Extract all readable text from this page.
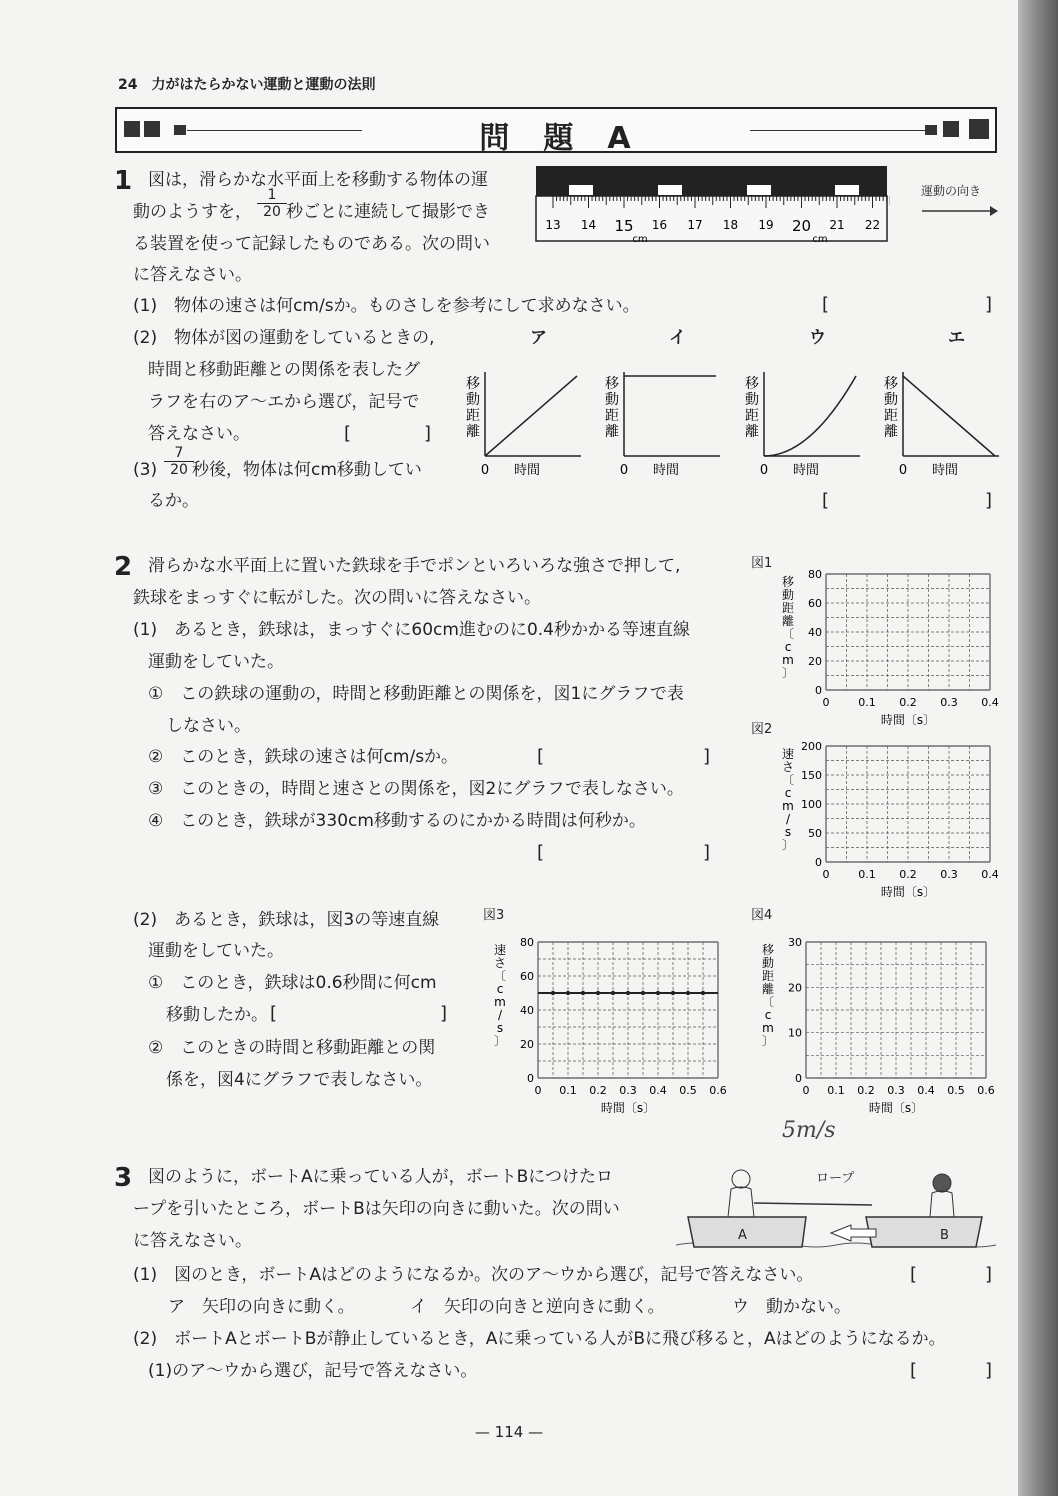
24　力がはたらかない運動と運動の法則
問　題　A
1 図は，滑らかな水平面上を移動する物体の運
動のようすを， $\frac{1}{20}$ 秒ごとに連続して撮影でき
る装置を使って記録したものである。次の問い
に答えなさい。
13 14 15 16 17 18 19 20 21 22
cm	cm
運動の向き
(1)　物体の速さは何cm/sか。ものさしを参考にして求めなさい。	[	]
(2)　物体が図の運動をしているときの,
時間と移動距離との関係を表したグ
ラフを右のア～エから選び，記号で
答えなさい。	[	]
$(3) \frac{7}{20}$
秒後，物体は何cm移動してい
るか。	[	]
ア
移
動
距
離
0 時間
イ
移
動
距
離
0 時間
ウ
移
動
距
離
0 時間
エ
移
動
距
離
0 時間
2 滑らかな水平面上に置いた鉄球を手でポンといろいろな強さで押して,
鉄球をまっすぐに転がした。次の問いに答えなさい。
(1)　あるとき，鉄球は，まっすぐに60cm進むのに0.4秒かかる等速直線
運動をしていた。
①　この鉄球の運動の，時間と移動距離との関係を，図1にグラフで表
しなさい。
②　このとき，鉄球の速さは何cm/sか。	[	]
③　このときの，時間と速さとの関係を，図2にグラフで表しなさい。
④　このとき，鉄球が330cm移動するのにかかる時間は何秒か。
[	]
(2)　あるとき，鉄球は，図3の等速直線
運動をしていた。
①　このとき，鉄球は0.6秒間に何cm
移動したか。 [	]
②　このときの時間と移動距離との関
係を，図4にグラフで表しなさい。
図1
0
20
40
60
80
0.1 0.2 0.3 0.4
0
時間〔s〕
移
動
距
離
〔
c
m
〕
図2
0
50
100
150
200
0.1 0.2 0.3 0.4
0
時間〔s〕
速
さ
〔
c
m
/
s
〕
図3
0
20
40
60
80
0.1 0.2 0.3 0.4 0.5 0.6
0
時間〔s〕
速
さ
〔
c
m
/
s
〕
図4
0
10
20
30
0.1 0.2 0.3 0.4 0.5 0.6
0
時間〔s〕
移
動
距
離
〔
c
m
〕
5m/s
3 図のように，ボートAに乗っている人が，ボートBにつけたロ
ープを引いたところ，ボートBは矢印の向きに動いた。次の問い
に答えなさい。
ロープ
A	B
(1)　図のとき，ボートAはどのようになるか。次のア～ウから選び，記号で答えなさい。	[	]
ア　矢印の向きに動く。	イ　矢印の向きと逆向きに動く。	ウ　動かない。
(2)　ボートAとボートBが静止しているとき，Aに乗っている人がBに飛び移ると，Aはどのようになるか。
(1)のア～ウから選び，記号で答えなさい。	[	]
— 114 —
